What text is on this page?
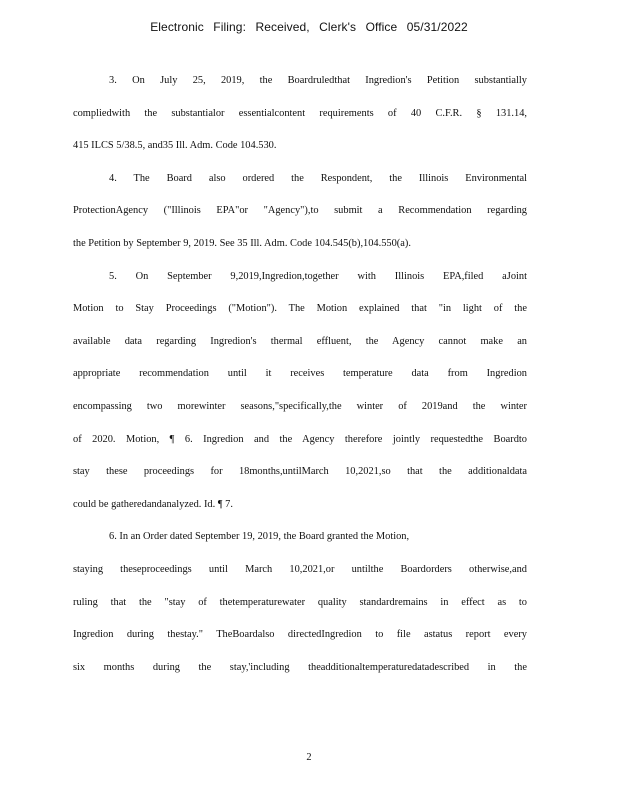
Electronic Filing: Received, Clerk's Office 05/31/2022
3. On July 25, 2019, the Boardruledthat Ingredion's Petition substantially
compliedwith the substantialor essentialcontent requirements of 40 C.F.R. § 131.14,
415 ILCS 5/38.5, and35 Ill. Adm. Code 104.530.
4. The Board also ordered the Respondent, the Illinois Environmental
ProtectionAgency ("Illinois EPA"or "Agency"),to submit a Recommendation regarding
the Petition by September 9, 2019. See 35 Ill. Adm. Code 104.545(b),104.550(a).
5. On September 9,2019,Ingredion,together with Illinois EPA,filed aJoint
Motion to Stay Proceedings ("Motion"). The Motion explained that "in light of the
available data regarding Ingredion's thermal effluent, the Agency cannot make an
appropriate recommendation until it receives temperature data from Ingredion
encompassing two morewinter seasons,"specifically,the winter of 2019and the winter
of 2020. Motion, ¶ 6. Ingredion and the Agency therefore jointly requestedthe Boardto
stay these proceedings for 18months,untilMarch 10,2021,so that the additionaldata
could be gatheredandanalyzed. Id. ¶ 7.
6. In an Order dated September 19, 2019, the Board granted the Motion,
staying theseproceedings until March 10,2021,or untilthe Boardorders otherwise,and
ruling that the "stay of thetemperaturewater quality standardremains in effect as to
Ingredion during thestay." TheBoardalso directedIngredion to file astatus report every
six months during the stay,'including theadditionaltemperaturedatadescribed in the
2
